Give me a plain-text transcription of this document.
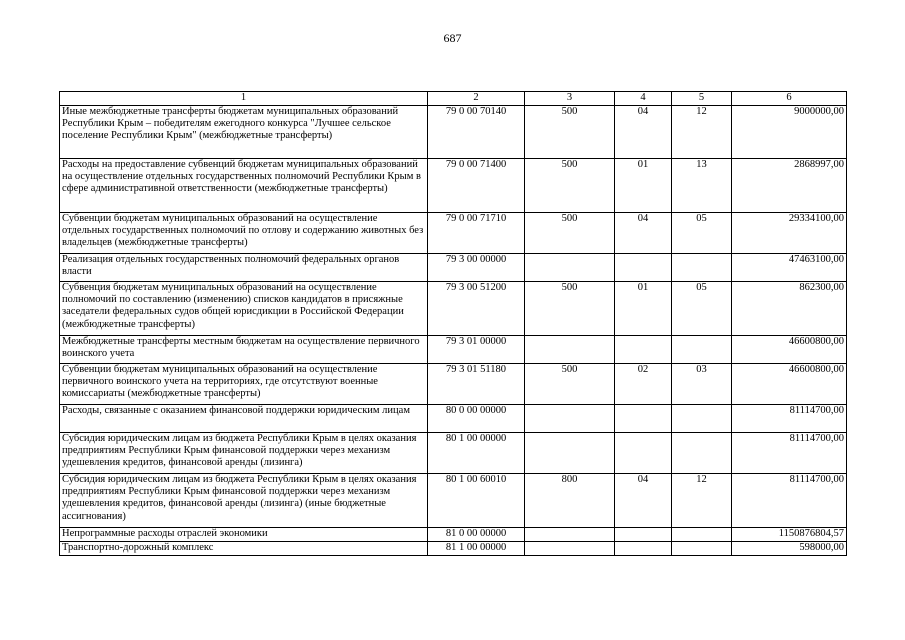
687
1	2	3	4	5	6
Иные межбюджетные трансферты бюджетам муниципальных образований Республики Крым – победителям ежегодного конкурса "Лучшее сельское поселение Республики Крым" (межбюджетные трансферты)	79 0 00 70140	500	04	12	9000000,00
Расходы на предоставление субвенций бюджетам муниципальных образований на осуществление отдельных государственных полномочий Республики Крым в сфере административной ответственности (межбюджетные трансферты)	79 0 00 71400	500	01	13	2868997,00
Субвенции бюджетам муниципальных образований на осуществление отдельных государственных полномочий по отлову и содержанию животных без владельцев (межбюджетные трансферты)	79 0 00 71710	500	04	05	29334100,00
Реализация отдельных государственных полномочий федеральных органов власти	79 3 00 00000				47463100,00
Субвенция бюджетам муниципальных образований на осуществление полномочий по составлению (изменению) списков кандидатов в присяжные заседатели федеральных судов общей юрисдикции в Российской Федерации (межбюджетные трансферты)	79 3 00 51200	500	01	05	862300,00
Межбюджетные трансферты местным бюджетам на осуществление первичного воинского учета	79 3 01 00000				46600800,00
Субвенции бюджетам муниципальных образований на осуществление первичного воинского учета на территориях, где отсутствуют военные комиссариаты (межбюджетные трансферты)	79 3 01 51180	500	02	03	46600800,00
Расходы, связанные с оказанием финансовой поддержки юридическим лицам	80 0 00 00000				81114700,00
Субсидия юридическим лицам из бюджета Республики Крым в целях оказания предприятиям Республики Крым финансовой поддержки через механизм удешевления кредитов, финансовой аренды (лизинга)	80 1 00 00000				81114700,00
Субсидия юридическим лицам из бюджета Республики Крым в целях оказания предприятиям Республики Крым финансовой поддержки через механизм удешевления кредитов, финансовой аренды (лизинга) (иные бюджетные ассигнования)	80 1 00 60010	800	04	12	81114700,00
Непрограммные расходы отраслей экономики	81 0 00 00000				1150876804,57
Транспортно-дорожный комплекс	81 1 00 00000				598000,00
